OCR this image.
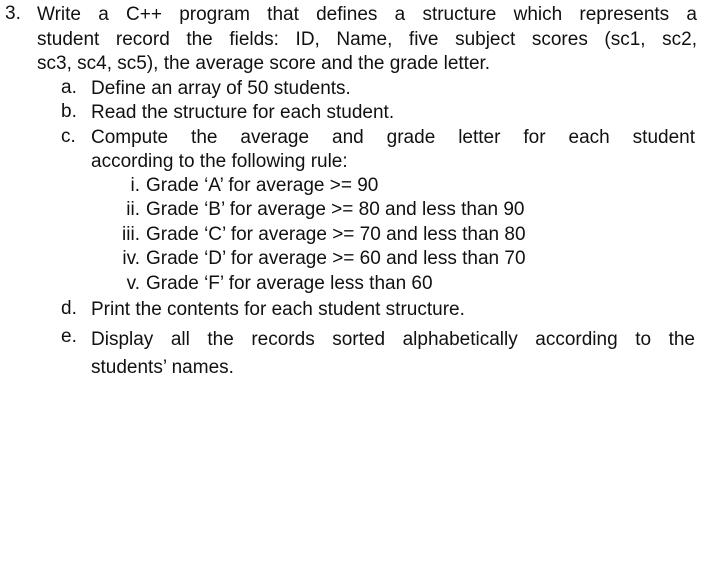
3. Write a C++ program that defines a structure which represents a
student record the fields: ID, Name, five subject scores (sc1, sc2,
sc3, sc4, sc5), the average score and the grade letter.
a. Define an array of 50 students.
b. Read the structure for each student.
c. Compute the average and grade letter for each student
according to the following rule:
i. Grade ‘A’ for average >= 90
ii. Grade ‘B’ for average >= 80 and less than 90
iii. Grade ‘C’ for average >= 70 and less than 80
iv. Grade ‘D’ for average >= 60 and less than 70
v. Grade ‘F’ for average less than 60
d. Print the contents for each student structure.
e. Display all the records sorted alphabetically according to the
students’ names.
